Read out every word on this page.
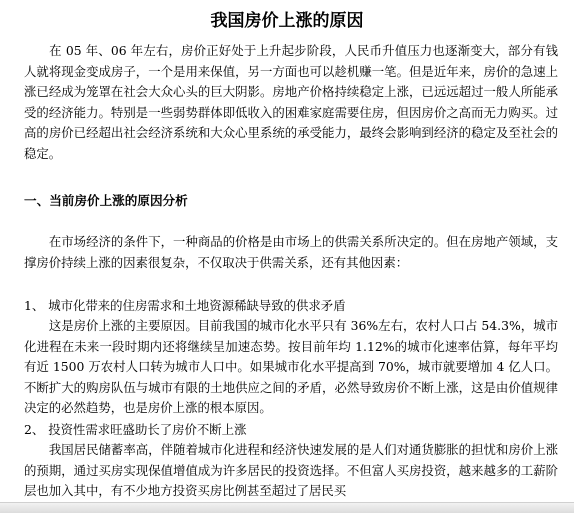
我国房价上涨的原因

　　在 05 年、06 年左右，房价正好处于上升起步阶段，人民币升值压力也逐渐变大，部分有钱人就将现金变成房子，一个是用来保值，另一方面也可以趁机赚一笔。但是近年来，房价的急速上涨已经成为笼罩在社会大众心头的巨大阴影。房地产价格持续稳定上涨，已远远超过一般人所能承受的经济能力。特别是一些弱势群体即低收入的困难家庭需要住房，但因房价之高而无力购买。过高的房价已经超出社会经济系统和大众心里系统的承受能力，最终会影响到经济的稳定及至社会的稳定。

一、当前房价上涨的原因分析

　　在市场经济的条件下，一种商品的价格是由市场上的供需关系所决定的。但在房地产领域，支撑房价持续上涨的因素很复杂，不仅取决于供需关系，还有其他因素：

1、 城市化带来的住房需求和土地资源稀缺导致的供求矛盾

　　这是房价上涨的主要原因。目前我国的城市化水平只有 36%左右，农村人口占 54.3%，城市化进程在未来一段时期内还将继续呈加速态势。按目前年均 1.12%的城市化速率估算，每年平均有近 1500 万农村人口转为城市人口中。如果城市化水平提高到 70%，城市就要增加 4 亿人口。不断扩大的购房队伍与城市有限的土地供应之间的矛盾，必然导致房价不断上涨，这是由价值规律决定的必然趋势，也是房价上涨的根本原因。

2、 投资性需求旺盛助长了房价不断上涨

　　我国居民储蓄率高，伴随着城市化进程和经济快速发展的是人们对通货膨胀的担忧和房价上涨的预期，通过买房实现保值增值成为许多居民的投资选择。不但富人买房投资，越来越多的工薪阶层也加入其中，有不少地方投资买房比例甚至超过了居民买
